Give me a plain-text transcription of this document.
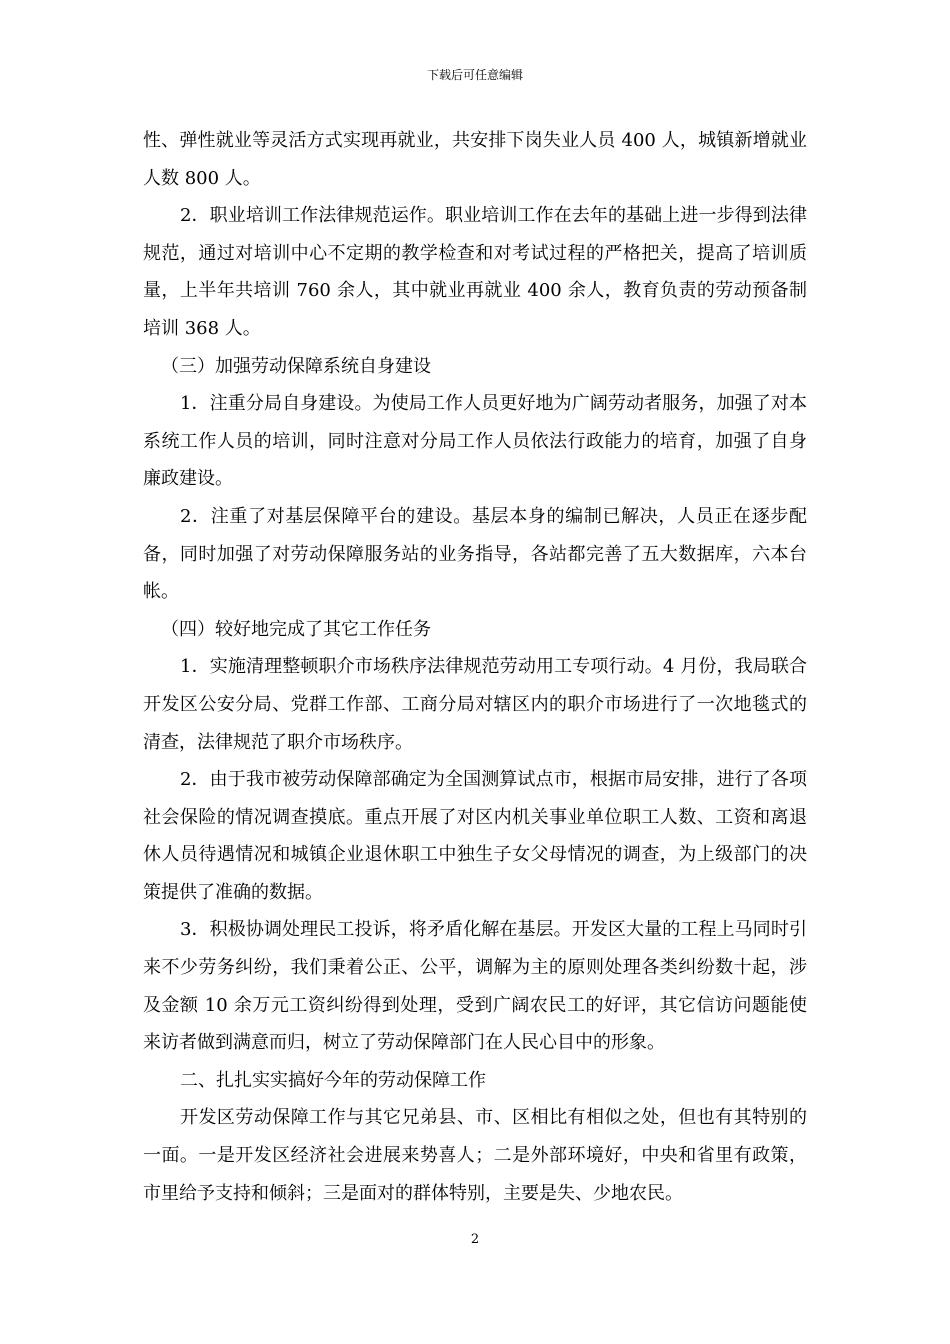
下载后可任意编辑

性、弹性就业等灵活方式实现再就业，共安排下岗失业人员 400 人，城镇新增就业人数 800 人。

2．职业培训工作法律规范运作。职业培训工作在去年的基础上进一步得到法律规范，通过对培训中心不定期的教学检查和对考试过程的严格把关，提高了培训质量，上半年共培训 760 余人，其中就业再就业 400 余人，教育负责的劳动预备制培训 368 人。

（三）加强劳动保障系统自身建设

1．注重分局自身建设。为使局工作人员更好地为广阔劳动者服务，加强了对本系统工作人员的培训，同时注意对分局工作人员依法行政能力的培育，加强了自身廉政建设。

2．注重了对基层保障平台的建设。基层本身的编制已解决，人员正在逐步配备，同时加强了对劳动保障服务站的业务指导，各站都完善了五大数据库，六本台帐。

（四）较好地完成了其它工作任务

1．实施清理整顿职介市场秩序法律规范劳动用工专项行动。4 月份，我局联合开发区公安分局、党群工作部、工商分局对辖区内的职介市场进行了一次地毯式的清查，法律规范了职介市场秩序。

2．由于我市被劳动保障部确定为全国测算试点市，根据市局安排，进行了各项社会保险的情况调查摸底。重点开展了对区内机关事业单位职工人数、工资和离退休人员待遇情况和城镇企业退休职工中独生子女父母情况的调查，为上级部门的决策提供了准确的数据。

3．积极协调处理民工投诉，将矛盾化解在基层。开发区大量的工程上马同时引来不少劳务纠纷，我们秉着公正、公平，调解为主的原则处理各类纠纷数十起，涉及金额 10 余万元工资纠纷得到处理，受到广阔农民工的好评，其它信访问题能使来访者做到满意而归，树立了劳动保障部门在人民心目中的形象。

二、扎扎实实搞好今年的劳动保障工作

开发区劳动保障工作与其它兄弟县、市、区相比有相似之处，但也有其特别的一面。一是开发区经济社会进展来势喜人；二是外部环境好，中央和省里有政策，市里给予支持和倾斜；三是面对的群体特别，主要是失、少地农民。

2
